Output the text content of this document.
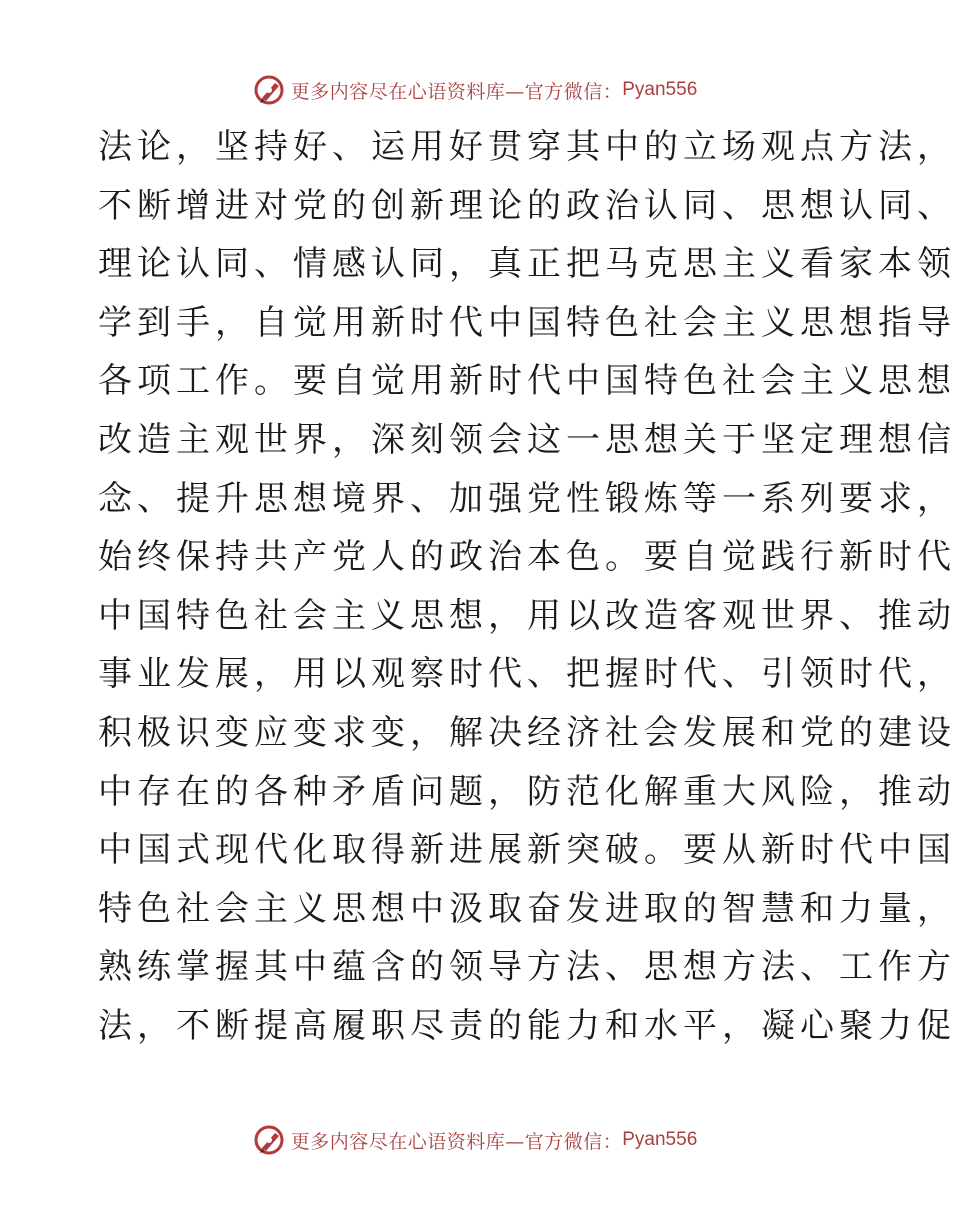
更多内容尽在心语资料库—官方微信： Pyan556
法论，坚持好、运用好贯穿其中的立场观点方法，
不断增进对党的创新理论的政治认同、思想认同、
理论认同、情感认同，真正把马克思主义看家本领
学到手，自觉用新时代中国特色社会主义思想指导
各项工作。要自觉用新时代中国特色社会主义思想
改造主观世界，深刻领会这一思想关于坚定理想信
念、提升思想境界、加强党性锻炼等一系列要求，
始终保持共产党人的政治本色。要自觉践行新时代
中国特色社会主义思想，用以改造客观世界、推动
事业发展，用以观察时代、把握时代、引领时代，
积极识变应变求变，解决经济社会发展和党的建设
中存在的各种矛盾问题，防范化解重大风险，推动
中国式现代化取得新进展新突破。要从新时代中国
特色社会主义思想中汲取奋发进取的智慧和力量，
熟练掌握其中蕴含的领导方法、思想方法、工作方
法，不断提高履职尽责的能力和水平，凝心聚力促
更多内容尽在心语资料库—官方微信： Pyan556
